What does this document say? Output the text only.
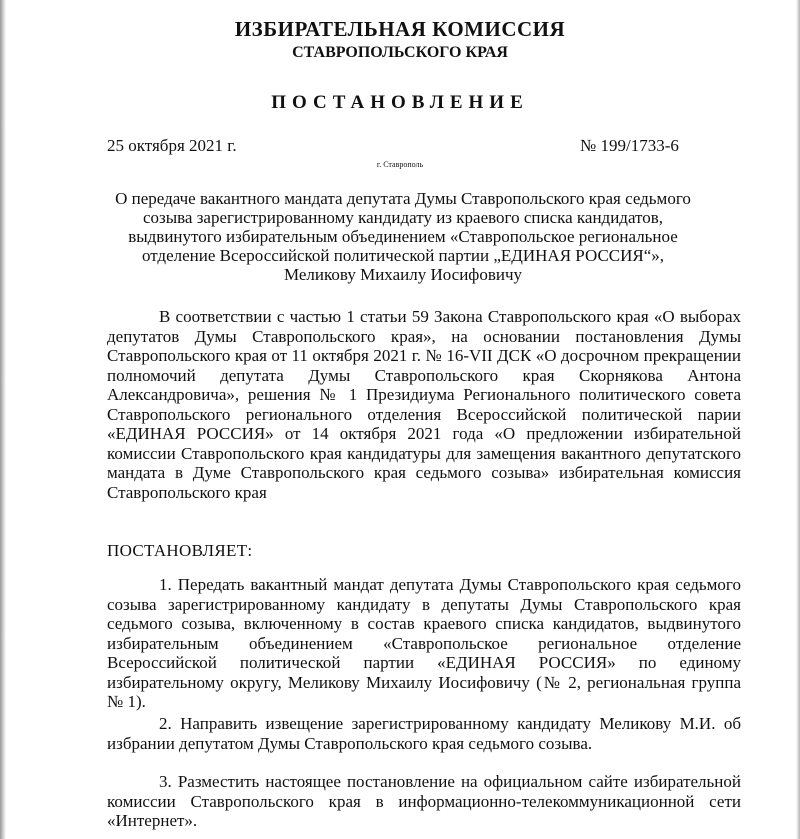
ИЗБИРАТЕЛЬНАЯ КОМИССИЯ
СТАВРОПОЛЬСКОГО КРАЯ
ПОСТАНОВЛЕНИЕ
25 октября 2021 г.	№ 199/1733-6
г. Ставрополь
О передаче вакантного мандата депутата Думы Ставропольского края седьмого созыва зарегистрированному кандидату из краевого списка кандидатов, выдвинутого избирательным объединением «Ставропольское региональное отделение Всероссийской политической партии „ЕДИНАЯ РОССИЯ“», Меликову Михаилу Иосифовичу
В соответствии с частью 1 статьи 59 Закона Ставропольского края «О выборах депутатов Думы Ставропольского края», на основании постановления Думы Ставропольского края от 11 октября 2021 г. № 16-VII ДСК «О досрочном прекращении полномочий депутата Думы Ставропольского края Скорнякова Антона Александровича», решения № 1 Президиума Регионального политического совета Ставропольского регионального отделения Всероссийской политической парии «ЕДИНАЯ РОССИЯ» от 14 октября 2021 года «О предложении избирательной комиссии Ставропольского края кандидатуры для замещения вакантного депутатского мандата в Думе Ставропольского края седьмого созыва» избирательная комиссия Ставропольского края
ПОСТАНОВЛЯЕТ:
1. Передать вакантный мандат депутата Думы Ставропольского края седьмого созыва зарегистрированному кандидату в депутаты Думы Ставропольского края седьмого созыва, включенному в состав краевого списка кандидатов, выдвинутого избирательным объединением «Ставропольское региональное отделение Всероссийской политической партии «ЕДИНАЯ РОССИЯ» по единому избирательному округу, Меликову Михаилу Иосифовичу (№ 2, региональная группа № 1).
2. Направить извещение зарегистрированному кандидату Меликову М.И. об избрании депутатом Думы Ставропольского края седьмого созыва.
3. Разместить настоящее постановление на официальном сайте избирательной комиссии Ставропольского края в информационно-телекоммуникационной сети «Интернет».
